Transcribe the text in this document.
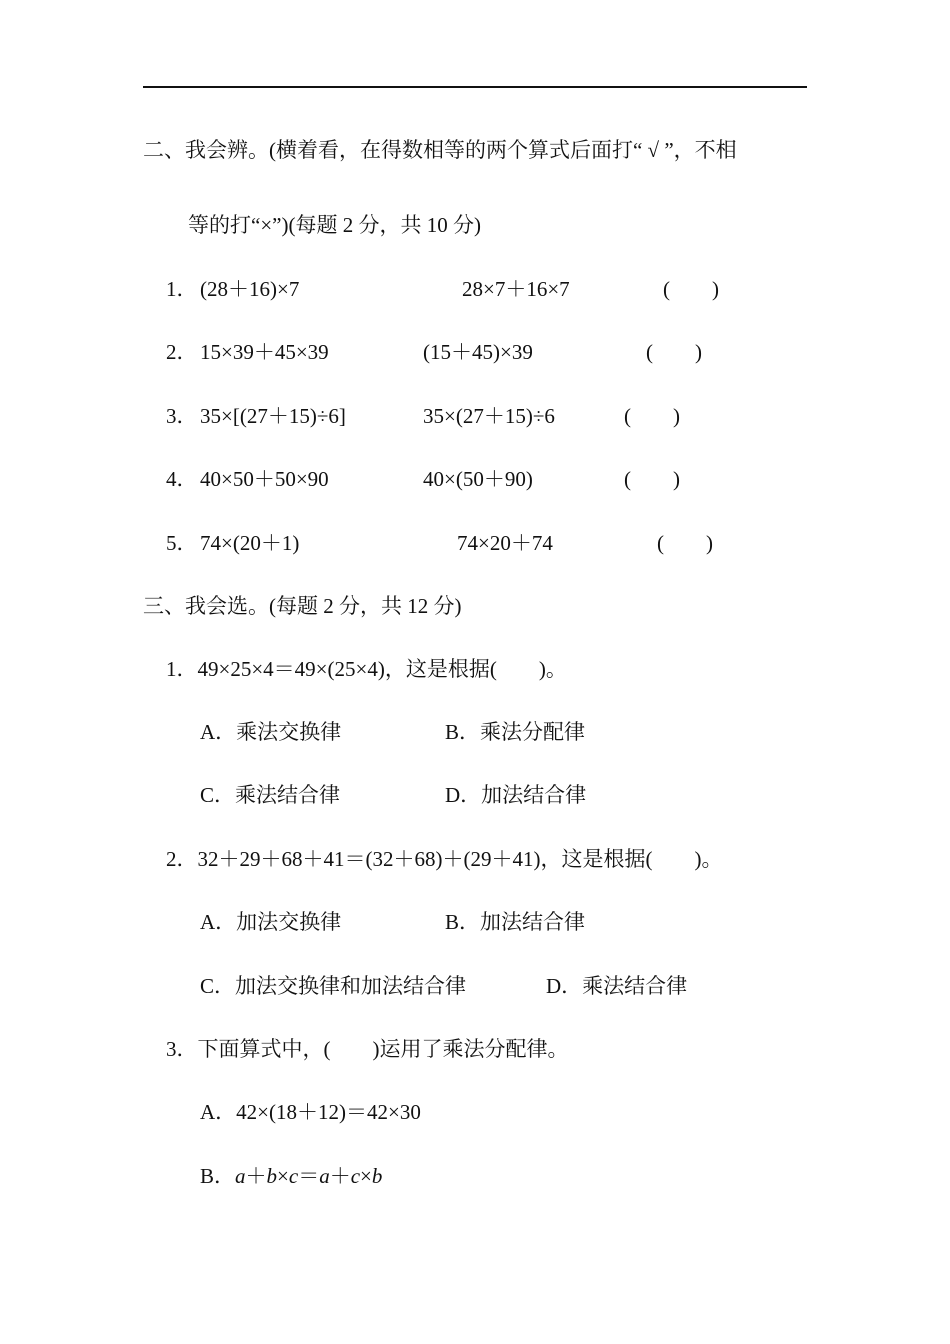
二、我会辨。(横着看，在得数相等的两个算式后面打“ √ ”，不相
等的打“×”)(每题 2 分，共 10 分)
1． (28＋16)×7	28×7＋16×7	(　　)
2． 15×39＋45×39	(15＋45)×39	(　　)
3． 35×[(27＋15)÷6]	35×(27＋15)÷6	(　　)
4． 40×50＋50×90	40×(50＋90)	(　　)
5． 74×(20＋1)	74×20＋74	(　　)
三、我会选。(每题 2 分，共 12 分)
1．49×25×4＝49×(25×4)，这是根据(　　)。
A．乘法交换律	B．乘法分配律
C．乘法结合律	D．加法结合律
2．32＋29＋68＋41＝(32＋68)＋(29＋41)，这是根据(　　)。
A．加法交换律	B．加法结合律
C．加法交换律和加法结合律	D．乘法结合律
3．下面算式中，(　　)运用了乘法分配律。
A．42×(18＋12)＝42×30
B．a＋b×c＝a＋c×b
